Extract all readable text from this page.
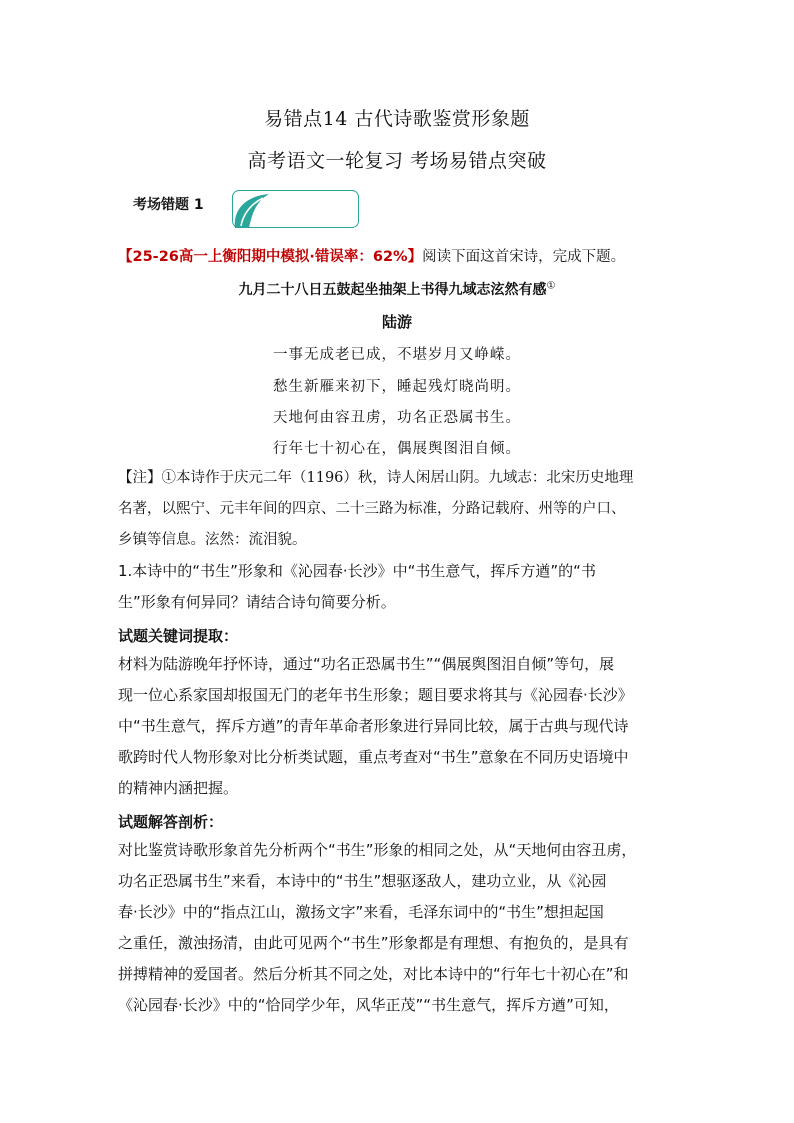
易错点14 古代诗歌鉴赏形象题
高考语文一轮复习 考场易错点突破
考场错题 1
【25-26高一上衡阳期中模拟·错误率：62%】阅读下面这首宋诗，完成下题。
九月二十八日五鼓起坐抽架上书得九域志泫然有感①
陆游
一事无成老已成，不堪岁月又峥嵘。
愁生新雁来初下，睡起残灯晓尚明。
天地何由容丑虏，功名正恐属书生。
行年七十初心在，偶展舆图泪自倾。
【注】①本诗作于庆元二年（1196）秋，诗人闲居山阴。九域志：北宋历史地理
名著，以熙宁、元丰年间的四京、二十三路为标准，分路记载府、州等的户口、
乡镇等信息。泫然：流泪貌。
1.本诗中的“书生”形象和《沁园春·长沙》中“书生意气，挥斥方遒”的“书
生”形象有何异同？请结合诗句简要分析。
试题关键词提取：
材料为陆游晚年抒怀诗，通过“功名正恐属书生”“偶展舆图泪自倾”等句，展
现一位心系家国却报国无门的老年书生形象；题目要求将其与《沁园春·长沙》
中“书生意气，挥斥方遒”的青年革命者形象进行异同比较，属于古典与现代诗
歌跨时代人物形象对比分析类试题，重点考查对“书生”意象在不同历史语境中
的精神内涵把握。
试题解答剖析：
对比鉴赏诗歌形象首先分析两个“书生”形象的相同之处，从“天地何由容丑虏，
功名正恐属书生”来看，本诗中的“书生”想驱逐敌人，建功立业，从《沁园
春·长沙》中的“指点江山，激扬文字”来看，毛泽东词中的“书生”想担起国
之重任，激浊扬清，由此可见两个“书生”形象都是有理想、有抱负的，是具有
拼搏精神的爱国者。然后分析其不同之处，对比本诗中的“行年七十初心在”和
《沁园春·长沙》中的“恰同学少年，风华正茂”“书生意气，挥斥方遒”可知，
